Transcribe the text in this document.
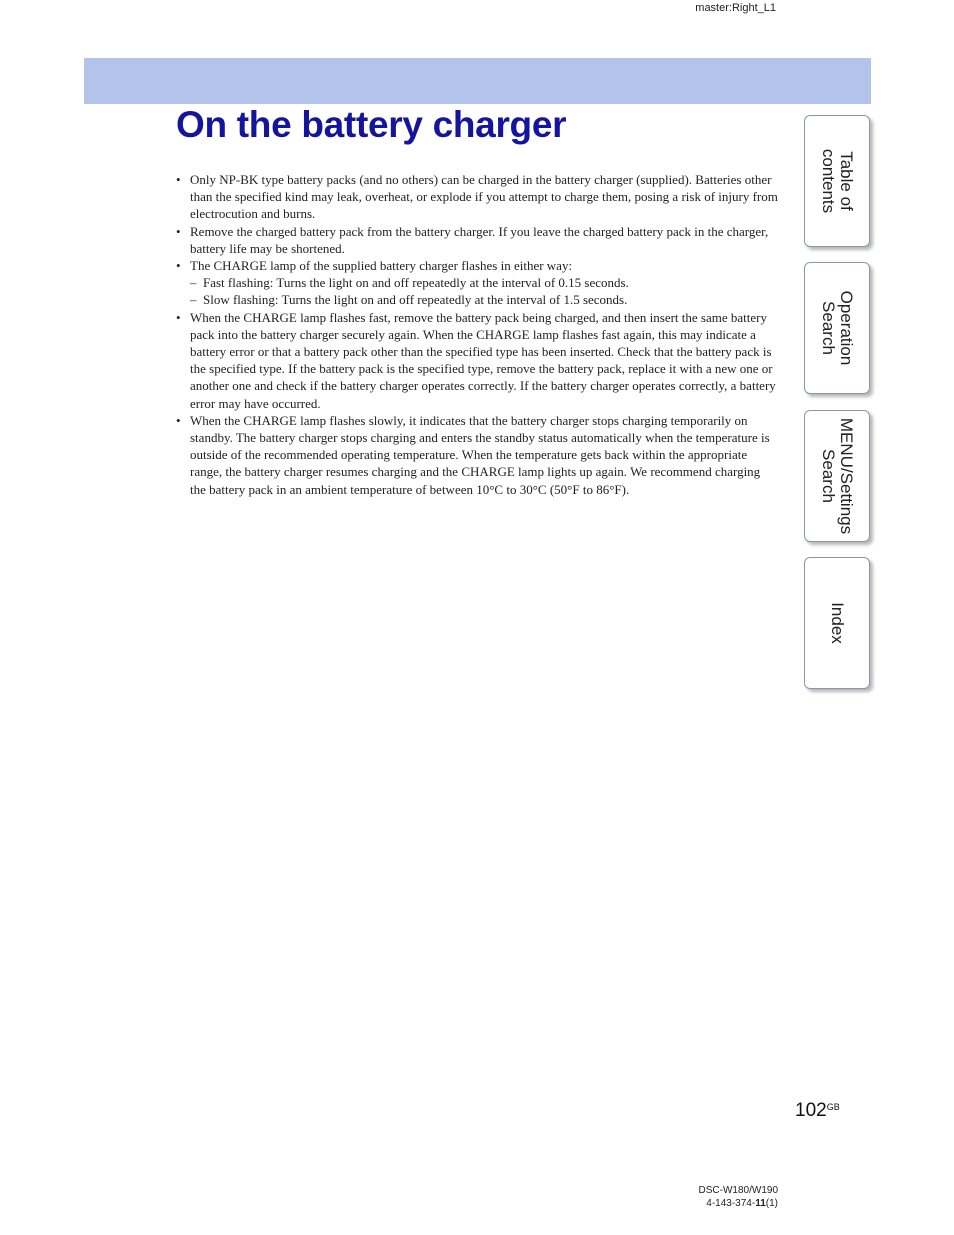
master:Right_L1
On the battery charger
• Only NP-BK type battery packs (and no others) can be charged in the battery charger (supplied). Batteries other than the specified kind may leak, overheat, or explode if you attempt to charge them, posing a risk of injury from electrocution and burns.
• Remove the charged battery pack from the battery charger. If you leave the charged battery pack in the charger, battery life may be shortened.
• The CHARGE lamp of the supplied battery charger flashes in either way:
– Fast flashing: Turns the light on and off repeatedly at the interval of 0.15 seconds.
– Slow flashing: Turns the light on and off repeatedly at the interval of 1.5 seconds.
• When the CHARGE lamp flashes fast, remove the battery pack being charged, and then insert the same battery pack into the battery charger securely again. When the CHARGE lamp flashes fast again, this may indicate a battery error or that a battery pack other than the specified type has been inserted. Check that the battery pack is the specified type. If the battery pack is the specified type, remove the battery pack, replace it with a new one or another one and check if the battery charger operates correctly. If the battery charger operates correctly, a battery error may have occurred.
• When the CHARGE lamp flashes slowly, it indicates that the battery charger stops charging temporarily on standby. The battery charger stops charging and enters the standby status automatically when the temperature is outside of the recommended operating temperature. When the temperature gets back within the appropriate range, the battery charger resumes charging and the CHARGE lamp lights up again. We recommend charging the battery pack in an ambient temperature of between 10°C to 30°C (50°F to 86°F).
Table of
contents
Operation
Search
MENU/Settings
Search
Index
$102^{GB}$
DSC-W180/W190
4-143-374-11(1)
